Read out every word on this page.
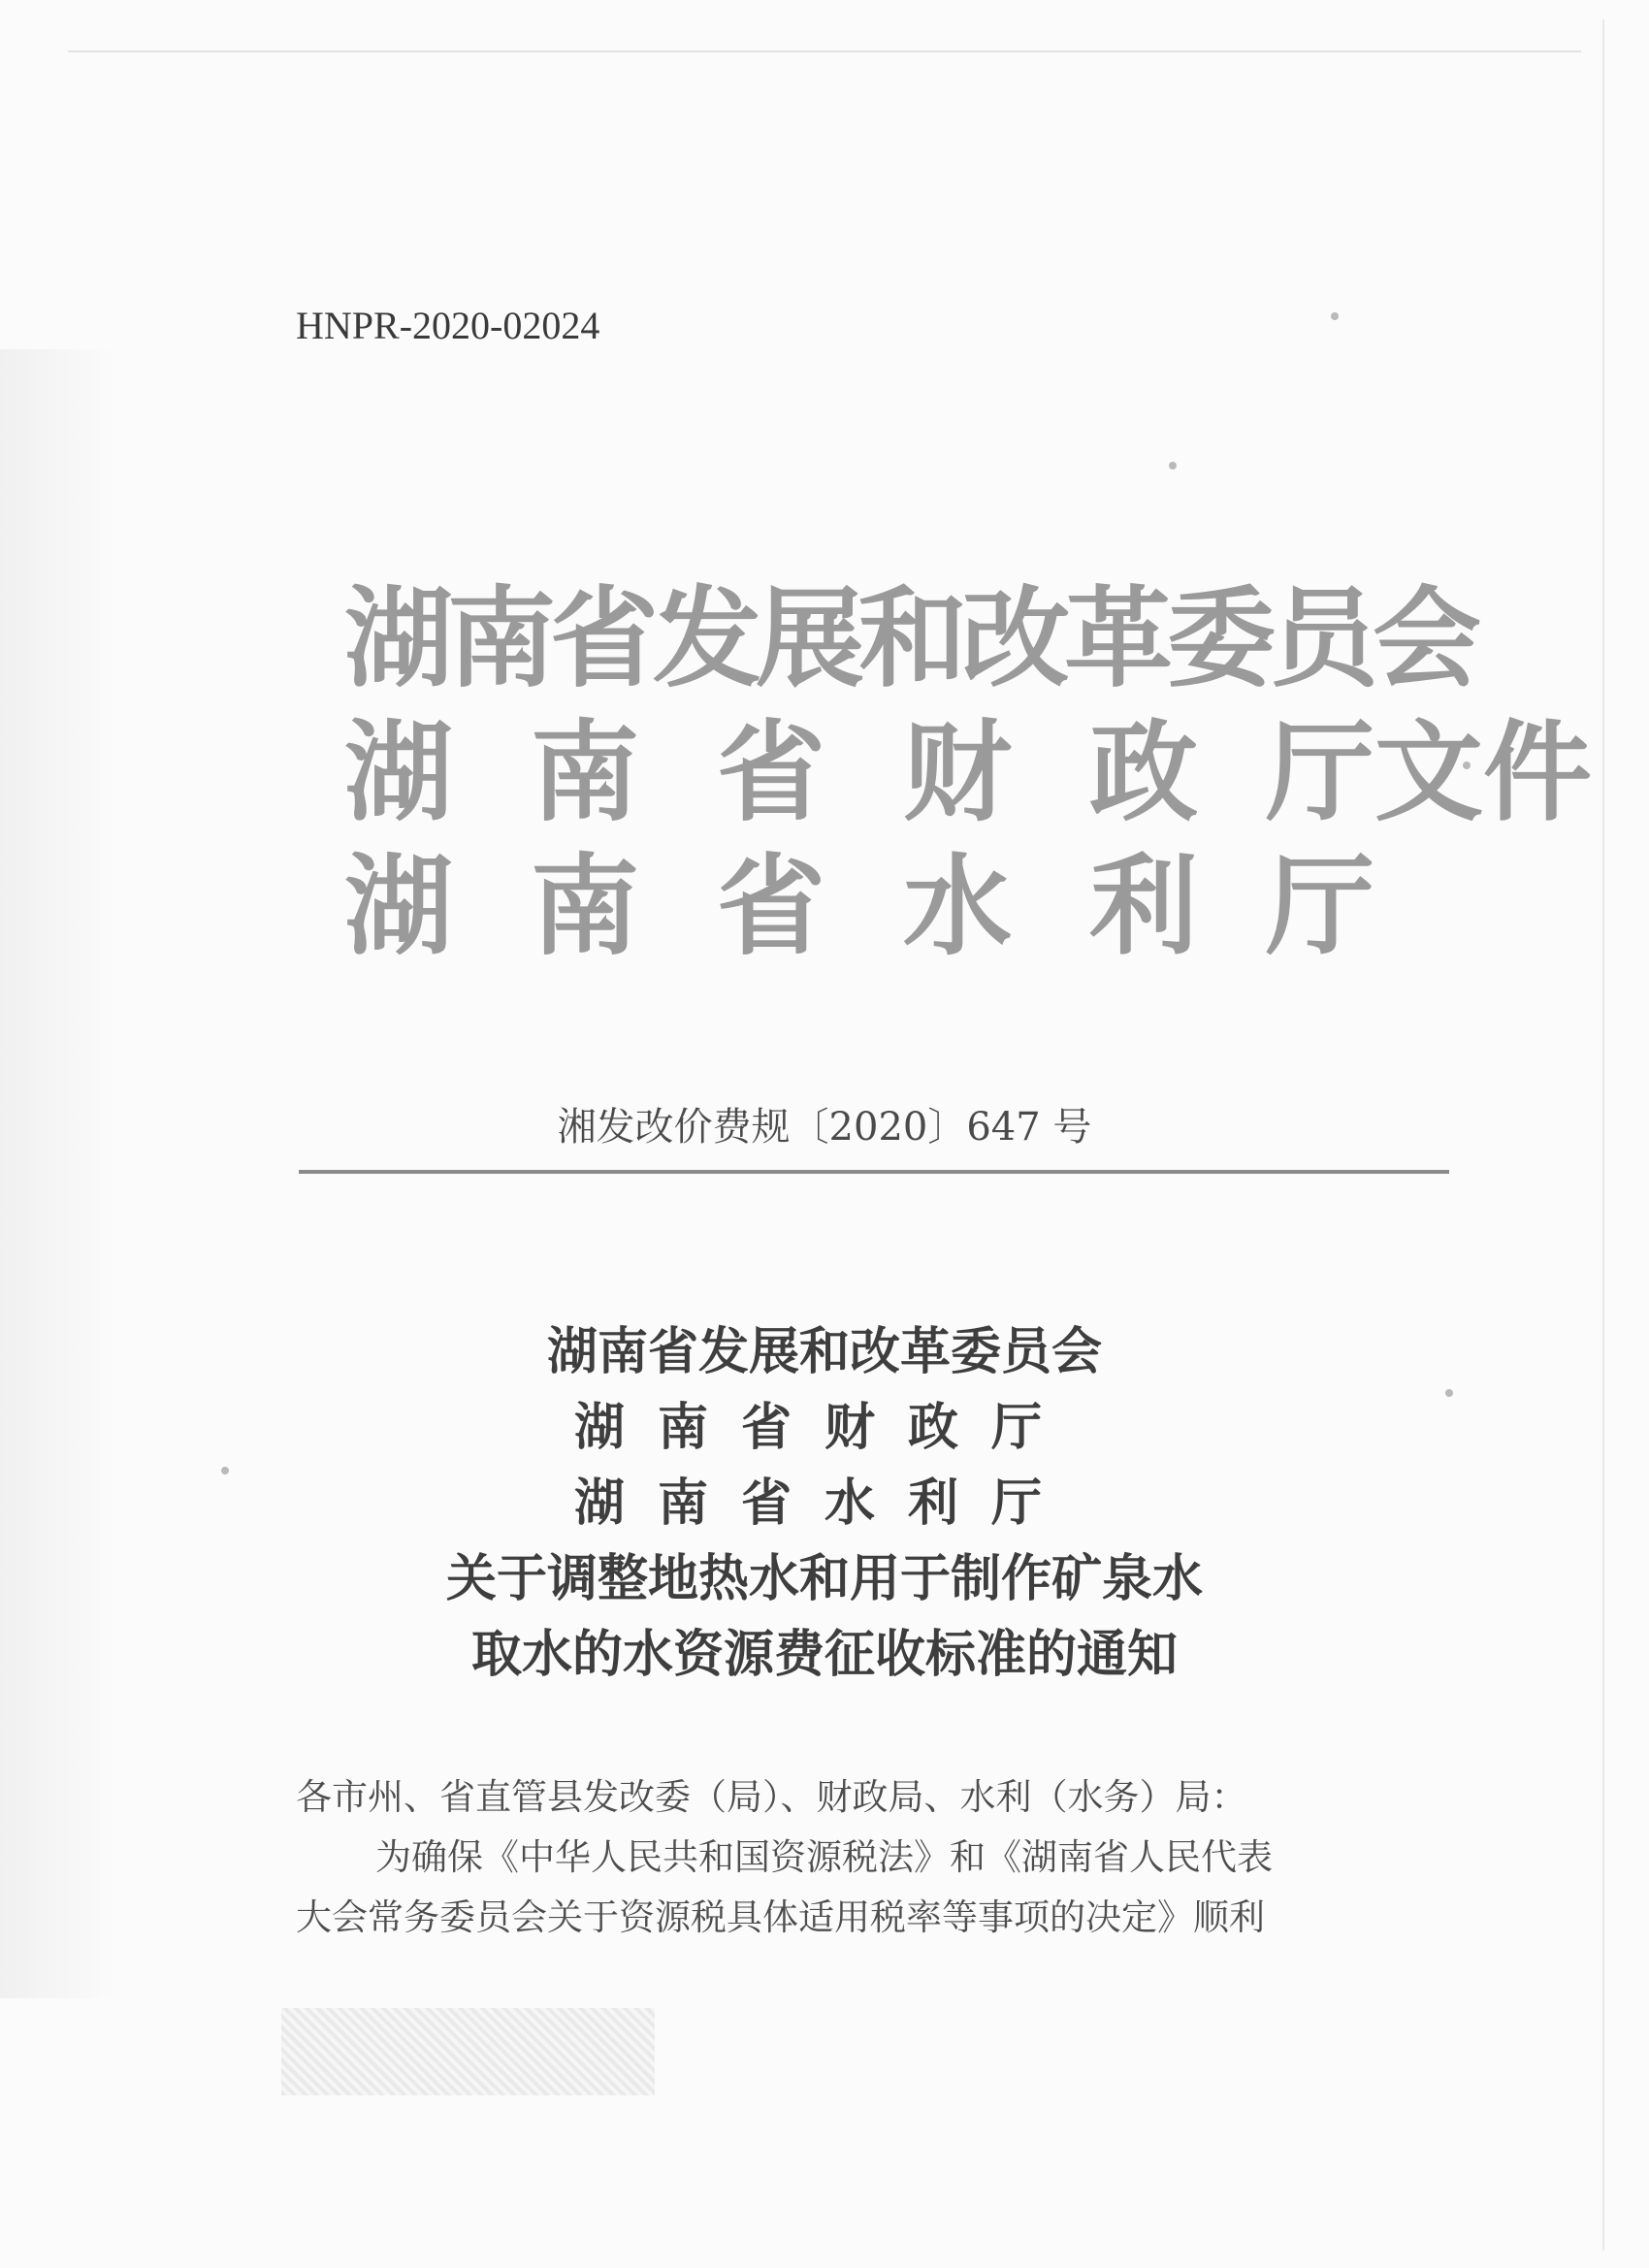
HNPR-2020-02024
湖南省发展和改革委员会
湖 南 省 财 政 厅文件
湖 南 省 水 利 厅
湘发改价费规〔2020〕647 号
湖南省发展和改革委员会
湖南省财政厅
湖南省水利厅
关于调整地热水和用于制作矿泉水
取水的水资源费征收标准的通知

各市州、省直管县发改委（局）、财政局、水利（水务）局：

为确保《中华人民共和国资源税法》和《湖南省人民代表

大会常务委员会关于资源税具体适用税率等事项的决定》顺利
